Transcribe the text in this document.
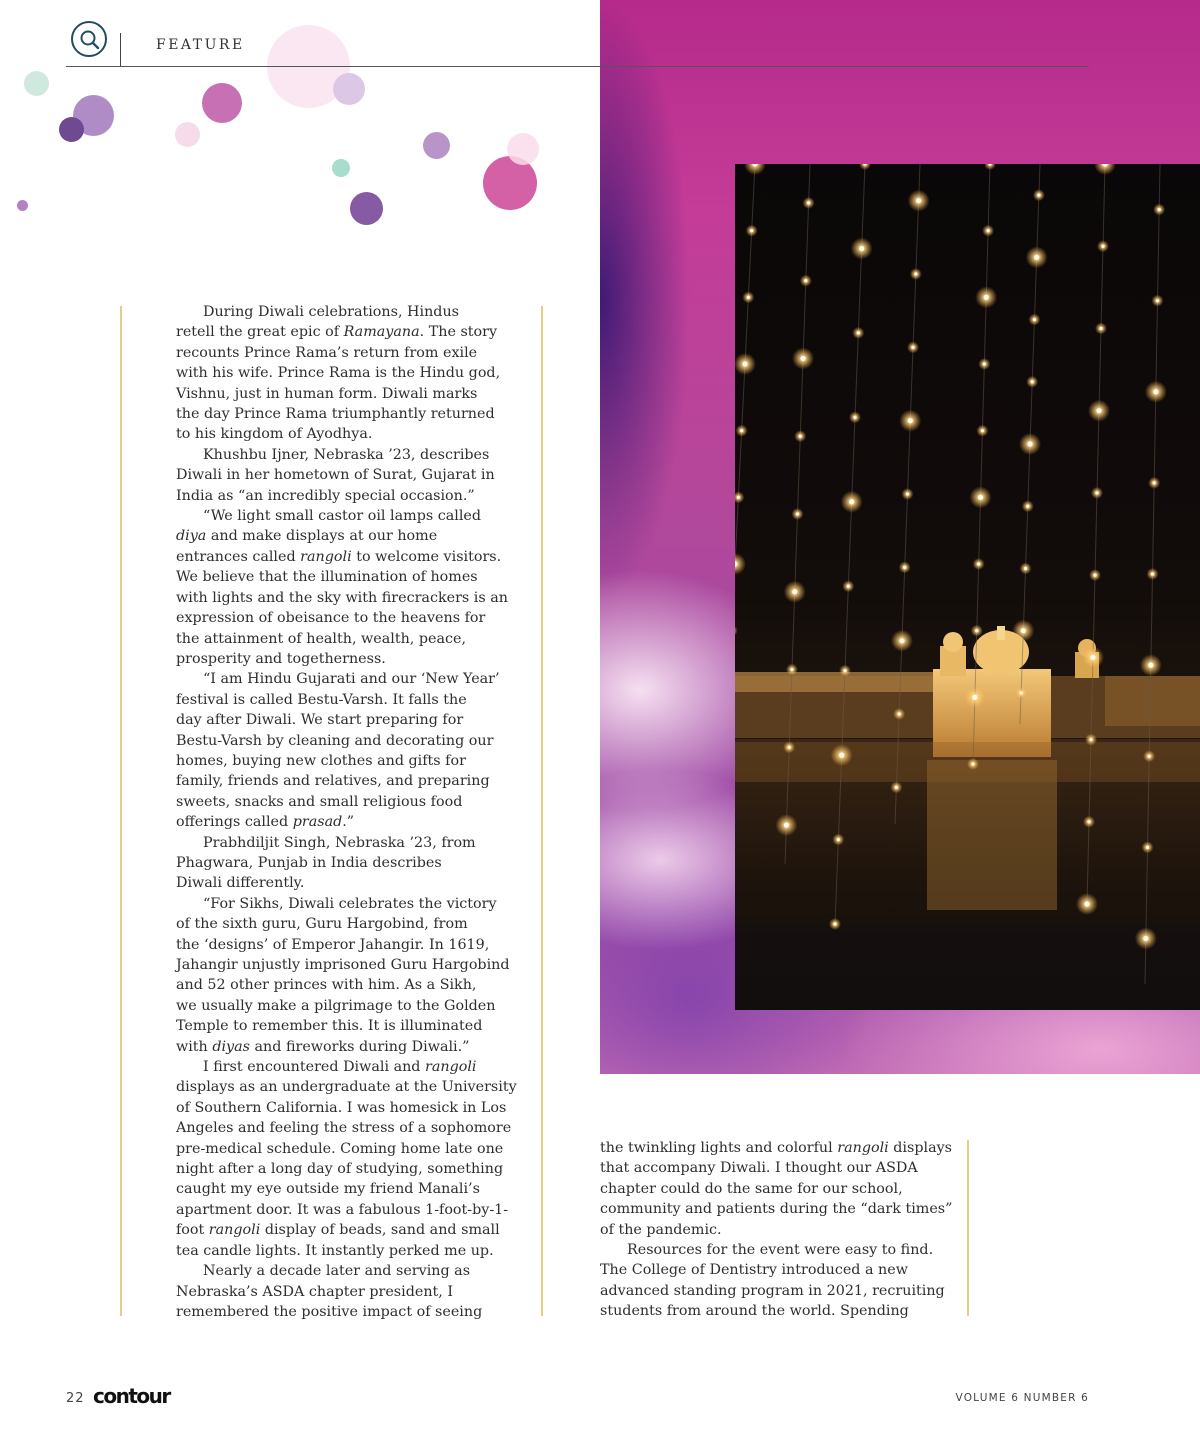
FEATURE
During Diwali celebrations, Hindus
retell the great epic of Ramayana. The story
recounts Prince Rama’s return from exile
with his wife. Prince Rama is the Hindu god,
Vishnu, just in human form. Diwali marks
the day Prince Rama triumphantly returned
to his kingdom of Ayodhya.
Khushbu Ijner, Nebraska ’23, describes
Diwali in her hometown of Surat, Gujarat in
India as “an incredibly special occasion.”
“We light small castor oil lamps called
diya and make displays at our home
entrances called rangoli to welcome visitors.
We believe that the illumination of homes
with lights and the sky with firecrackers is an
expression of obeisance to the heavens for
the attainment of health, wealth, peace,
prosperity and togetherness.
“I am Hindu Gujarati and our ‘New Year’
festival is called Bestu-Varsh. It falls the
day after Diwali. We start preparing for
Bestu-Varsh by cleaning and decorating our
homes, buying new clothes and gifts for
family, friends and relatives, and preparing
sweets, snacks and small religious food
offerings called prasad.”
Prabhdiljit Singh, Nebraska ’23, from
Phagwara, Punjab in India describes
Diwali differently.
“For Sikhs, Diwali celebrates the victory
of the sixth guru, Guru Hargobind, from
the ‘designs’ of Emperor Jahangir. In 1619,
Jahangir unjustly imprisoned Guru Hargobind
and 52 other princes with him. As a Sikh,
we usually make a pilgrimage to the Golden
Temple to remember this. It is illuminated
with diyas and fireworks during Diwali.”
I first encountered Diwali and rangoli
displays as an undergraduate at the University
of Southern California. I was homesick in Los
Angeles and feeling the stress of a sophomore
pre-medical schedule. Coming home late one
night after a long day of studying, something
caught my eye outside my friend Manali’s
apartment door. It was a fabulous 1-foot-by-1-
foot rangoli display of beads, sand and small
tea candle lights. It instantly perked me up.
Nearly a decade later and serving as
Nebraska’s ASDA chapter president, I
remembered the positive impact of seeing
the twinkling lights and colorful rangoli displays
that accompany Diwali. I thought our ASDA
chapter could do the same for our school,
community and patients during the “dark times”
of the pandemic.
Resources for the event were easy to find.
The College of Dentistry introduced a new
advanced standing program in 2021, recruiting
students from around the world. Spending
22 contour	VOLUME 6 NUMBER 6
